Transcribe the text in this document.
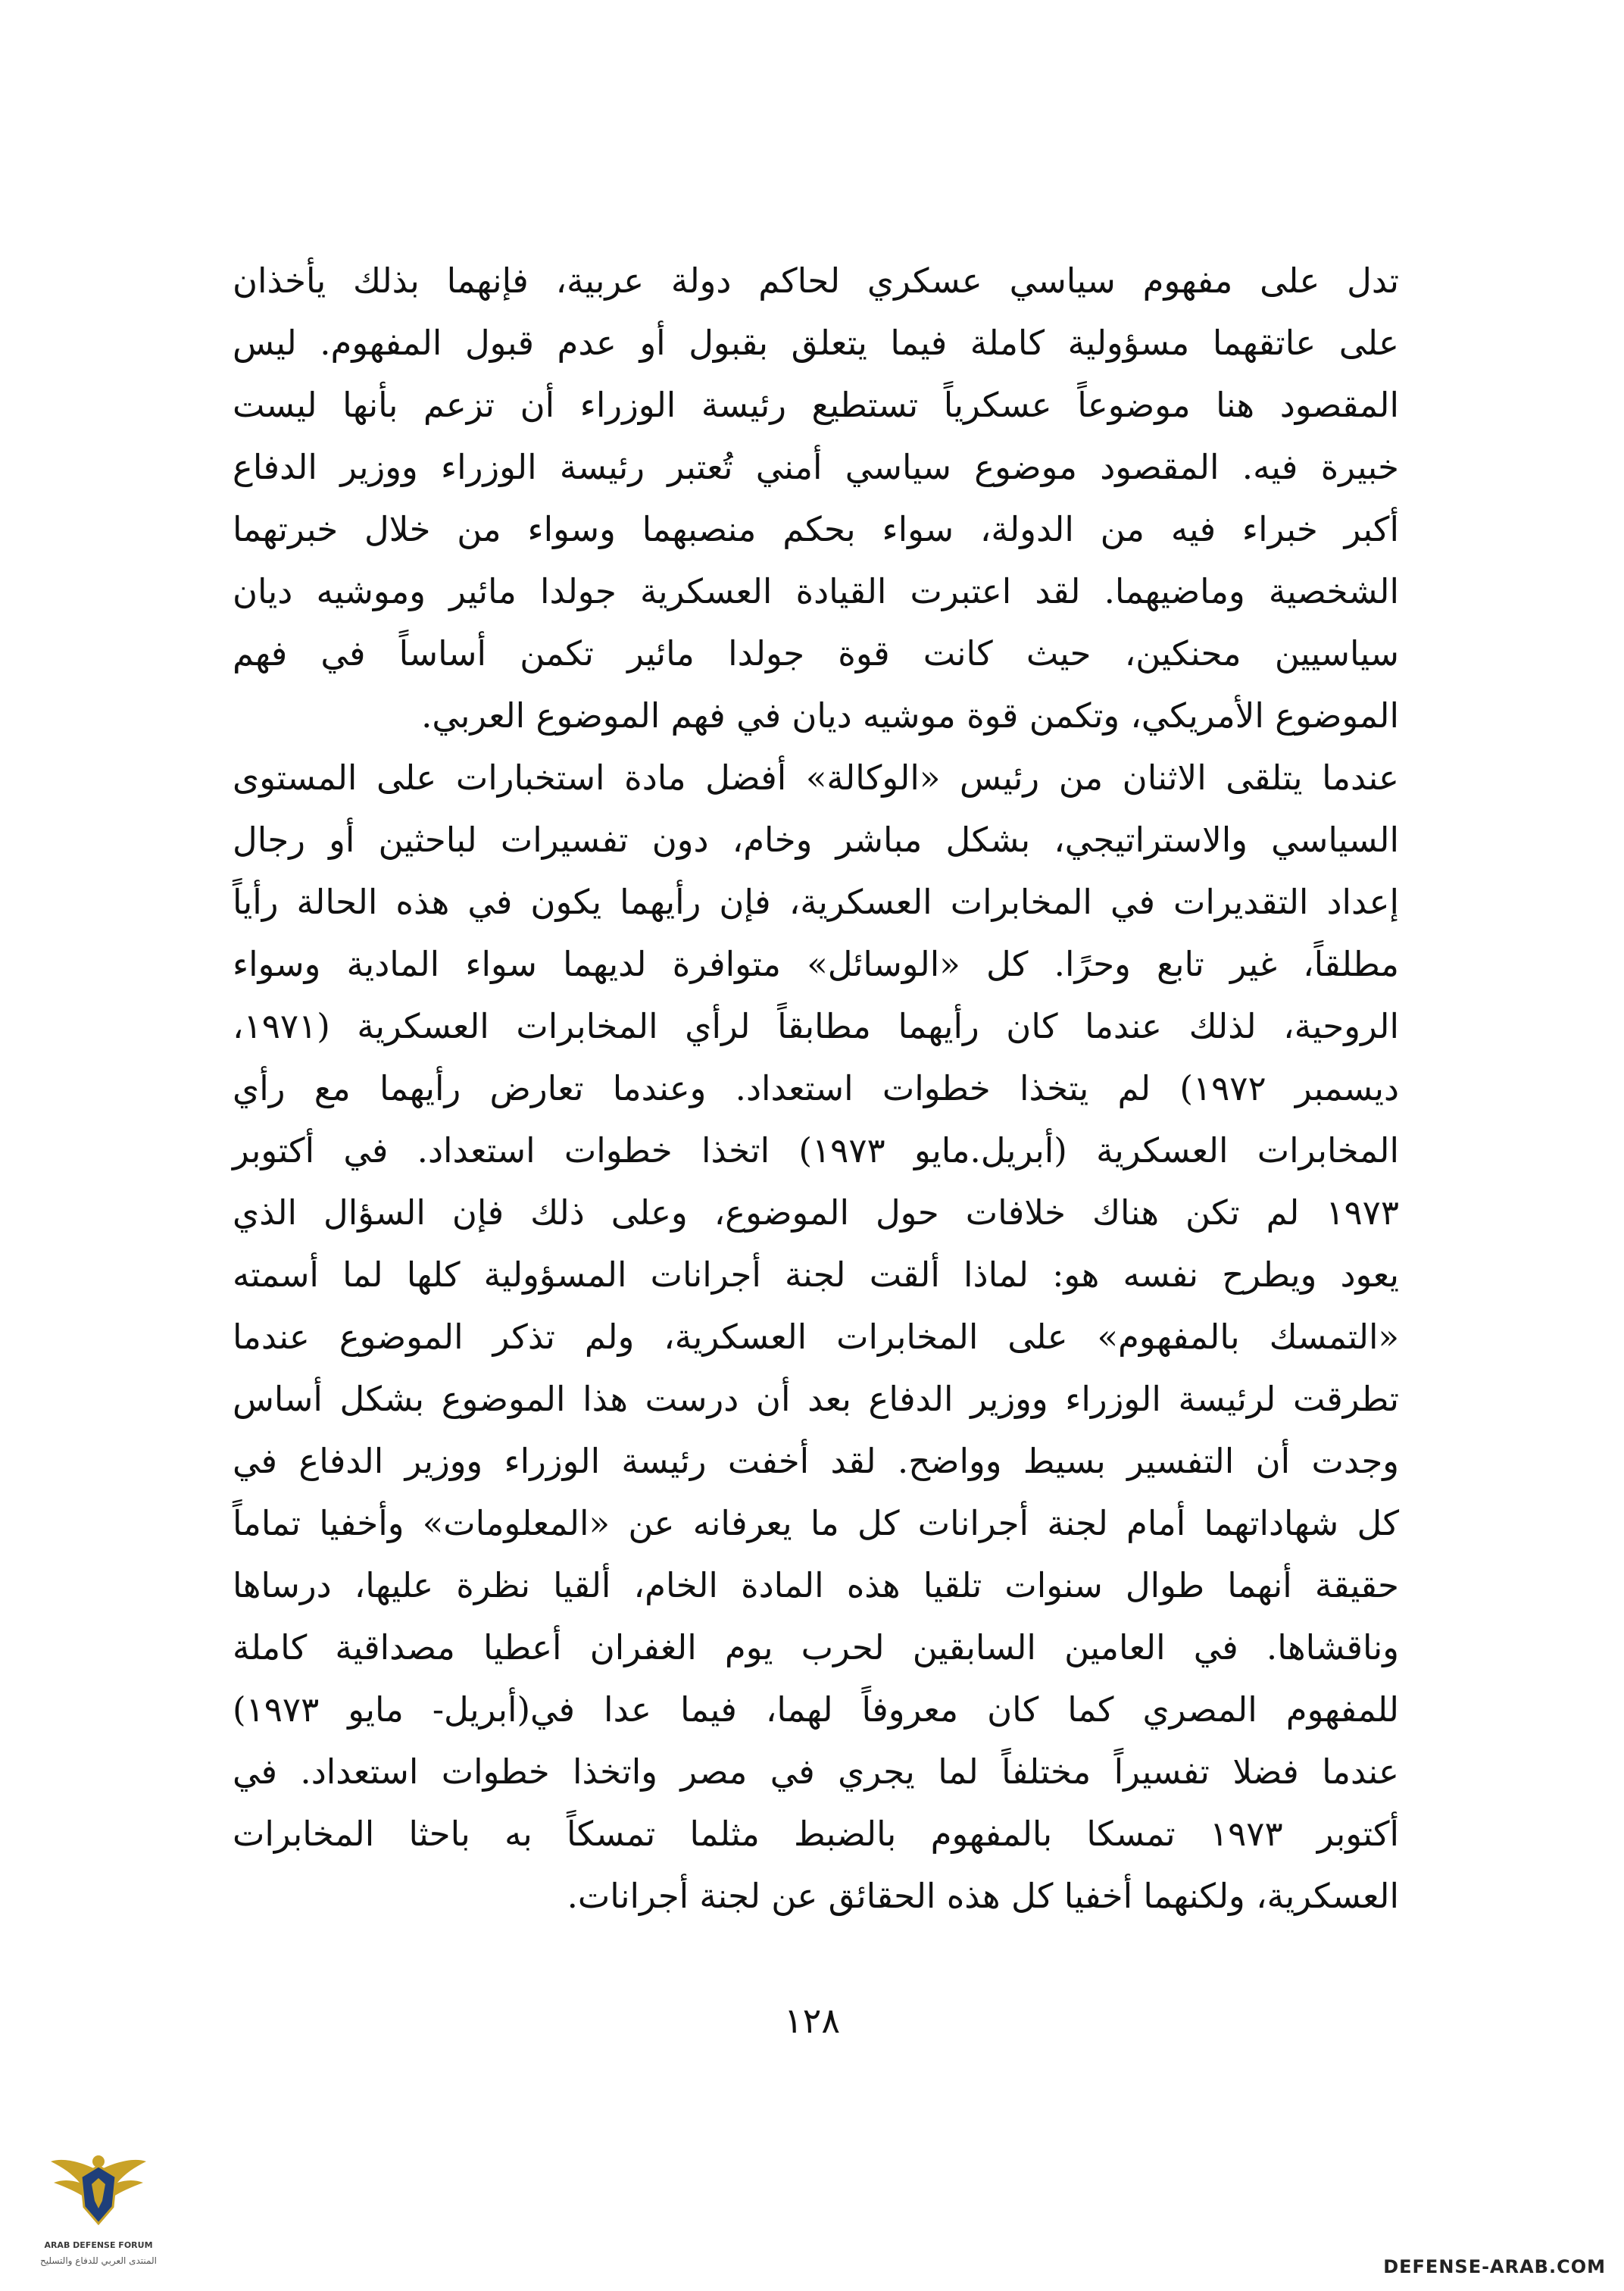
تدل على مفهوم سياسي عسكري لحاكم دولة عربية، فإنهما بذلك يأخذان
على عاتقهما مسؤولية كاملة فيما يتعلق بقبول أو عدم قبول المفهوم. ليس
المقصود هنا موضوعاً عسكرياً تستطيع رئيسة الوزراء أن تزعم بأنها ليست
خبيرة فيه. المقصود موضوع سياسي أمني تُعتبر رئيسة الوزراء ووزير الدفاع
أكبر خبراء فيه من الدولة، سواء بحكم منصبهما وسواء من خلال خبرتهما
الشخصية وماضيهما. لقد اعتبرت القيادة العسكرية جولدا مائير وموشيه ديان
سياسيين محنكين، حيث كانت قوة جولدا مائير تكمن أساساً في فهم
الموضوع الأمريكي، وتكمن قوة موشيه ديان في فهم الموضوع العربي.
عندما يتلقى الاثنان من رئيس «الوكالة» أفضل مادة استخبارات على المستوى
السياسي والاستراتيجي، بشكل مباشر وخام، دون تفسيرات لباحثين أو رجال
إعداد التقديرات في المخابرات العسكرية، فإن رأيهما يكون في هذه الحالة رأياً
مطلقاً، غير تابع وحرًا. كل «الوسائل» متوافرة لديهما سواء المادية وسواء
الروحية، لذلك عندما كان رأيهما مطابقاً لرأي المخابرات العسكرية (١٩٧١،
ديسمبر ١٩٧٢) لم يتخذا خطوات استعداد. وعندما تعارض رأيهما مع رأي
المخابرات العسكرية (أبريل.مايو ١٩٧٣) اتخذا خطوات استعداد. في أكتوبر
١٩٧٣ لم تكن هناك خلافات حول الموضوع، وعلى ذلك فإن السؤال الذي
يعود ويطرح نفسه هو: لماذا ألقت لجنة أجرانات المسؤولية كلها لما أسمته
«التمسك بالمفهوم» على المخابرات العسكرية، ولم تذكر الموضوع عندما
تطرقت لرئيسة الوزراء ووزير الدفاع بعد أن درست هذا الموضوع بشكل أساس
وجدت أن التفسير بسيط وواضح. لقد أخفت رئيسة الوزراء ووزير الدفاع في
كل شهاداتهما أمام لجنة أجرانات كل ما يعرفانه عن «المعلومات» وأخفيا تماماً
حقيقة أنهما طوال سنوات تلقيا هذه المادة الخام، ألقيا نظرة عليها، درساها
وناقشاها. في العامين السابقين لحرب يوم الغفران أعطيا مصداقية كاملة
للمفهوم المصري كما كان معروفاً لهما، فيما عدا في(أبريل- مايو ١٩٧٣)
عندما فضلا تفسيراً مختلفاً لما يجري في مصر واتخذا خطوات استعداد. في
أكتوبر ١٩٧٣ تمسكا بالمفهوم بالضبط مثلما تمسكاً به باحثا المخابرات
العسكرية، ولكنهما أخفيا كل هذه الحقائق عن لجنة أجرانات.
١٢٨
ARAB DEFENSE FORUM
المنتدى العربي للدفاع والتسليح	DEFENSE-ARAB.COM
